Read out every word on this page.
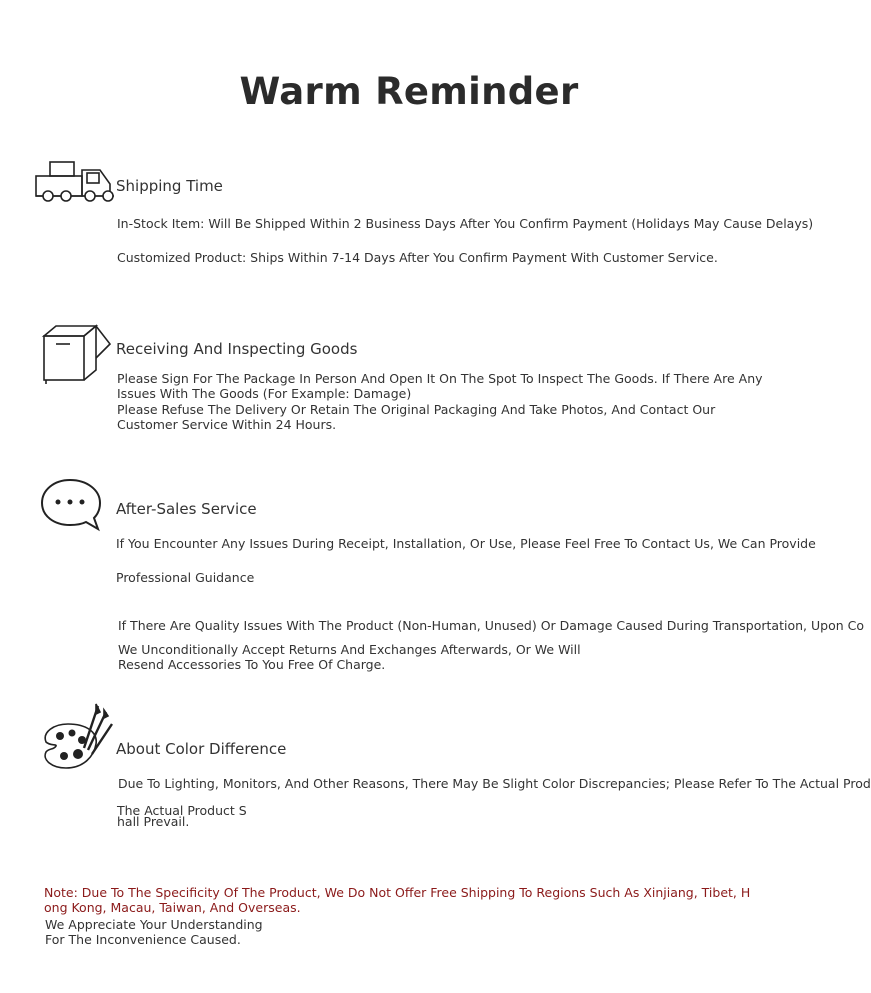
Warm Reminder
Shipping Time
In-Stock Item: Will Be Shipped Within 2 Business Days After You Confirm Payment (Holidays May Cause Delays)
Customized Product: Ships Within 7-14 Days After You Confirm Payment With Customer Service.
Receiving And Inspecting Goods
Please Sign For The Package In Person And Open It On The Spot To Inspect The Goods. If There Are Any Issues With The Goods (For Example: Damage)
Please Refuse The Delivery Or Retain The Original Packaging And Take Photos, And Contact Our Customer Service Within 24 Hours.
After-Sales Service
If You Encounter Any Issues During Receipt, Installation, Or Use, Please Feel Free To Contact Us, We Can Provide
Professional Guidance
If There Are Quality Issues With The Product (Non-Human, Unused) Or Damage Caused During Transportation, Upon Co
We Unconditionally Accept Returns And Exchanges Afterwards, Or We Will Resend Accessories To You Free Of Charge.
About Color Difference
Due To Lighting, Monitors, And Other Reasons, There May Be Slight Color Discrepancies; Please Refer To The Actual Prod
The Actual Product Shall Prevail.
Note: Due To The Specificity Of The Product, We Do Not Offer Free Shipping To Regions Such As Xinjiang, Tibet, Hong Kong, Macau, Taiwan, And Overseas.
We Appreciate Your Understanding For The Inconvenience Caused.
